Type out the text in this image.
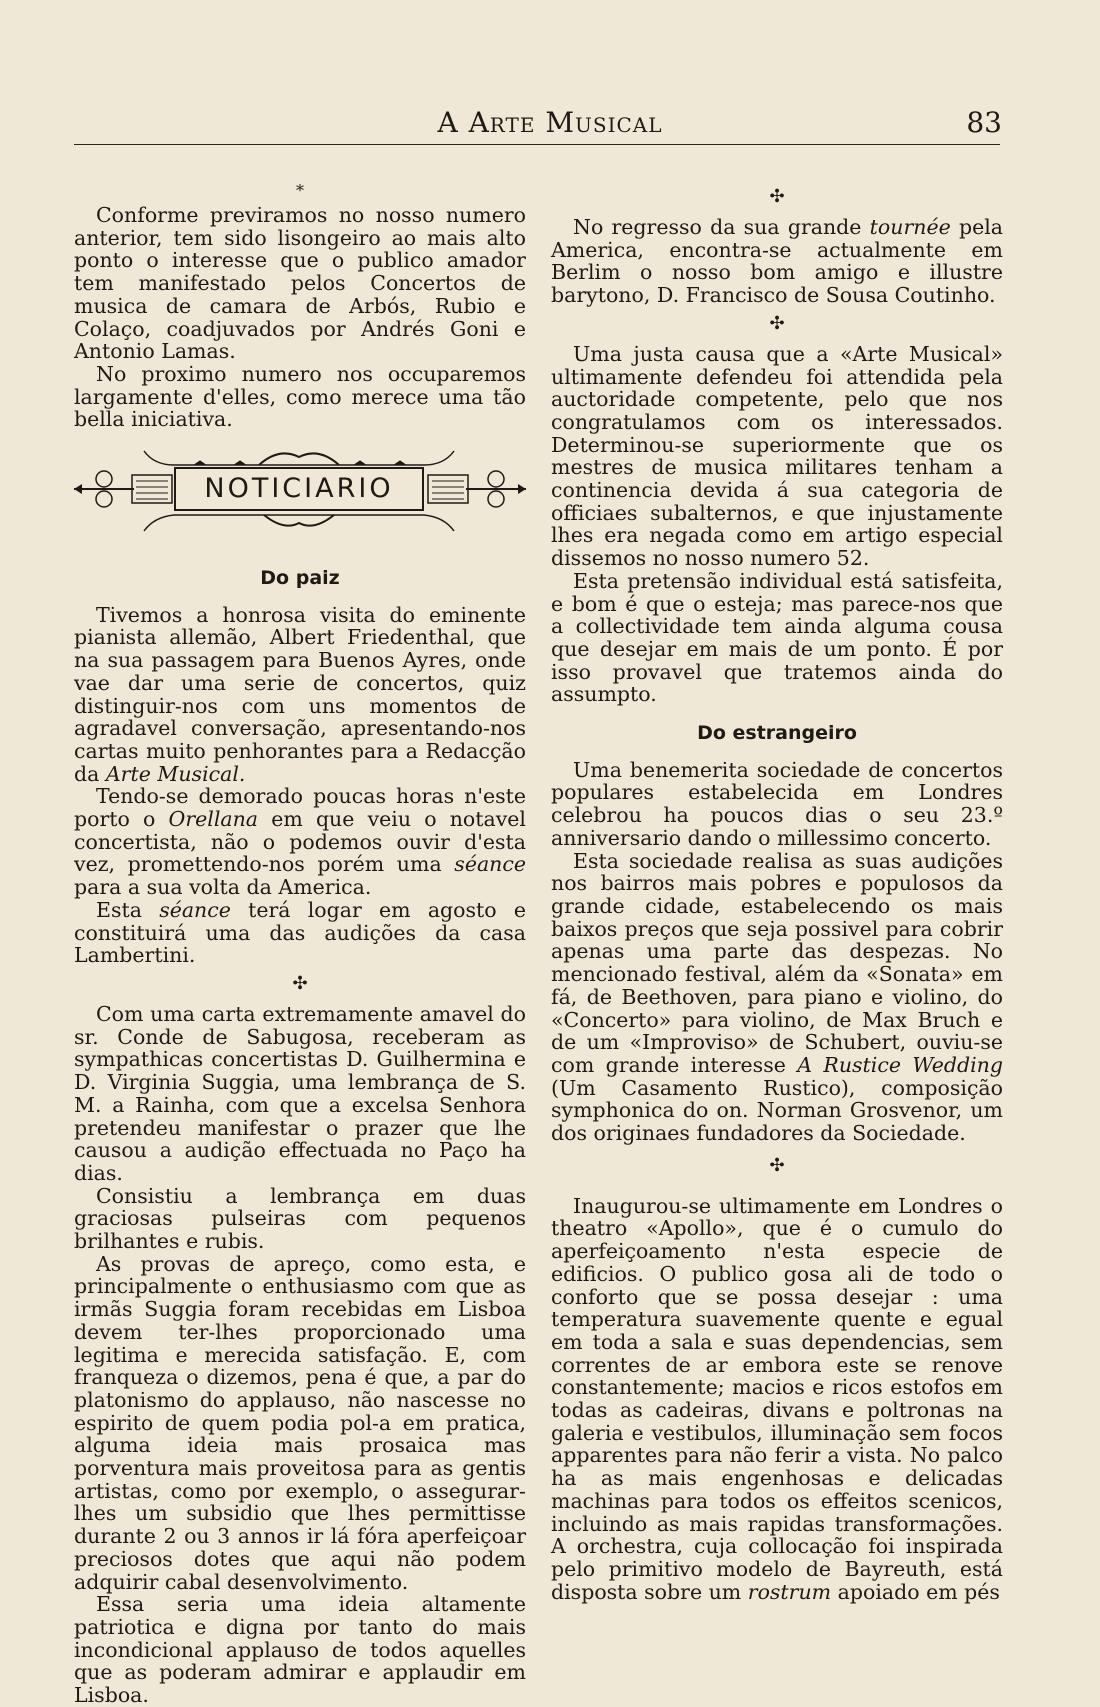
A Arte Musical	83
*

Conforme previramos no nosso numero anterior, tem sido lisongeiro ao mais alto ponto o interesse que o publico amador tem manifestado pelos Concertos de musica de camara de Arbós, Rubio e Colaço, coadjuvados por Andrés Goni e Antonio Lamas.

No proximo numero nos occuparemos largamente d'elles, como merece uma tão bella iniciativa.

NOTICIARIO
Do paiz

Tivemos a honrosa visita do eminente pianista allemão, Albert Friedenthal, que na sua passagem para Buenos Ayres, onde vae dar uma serie de concertos, quiz distinguir-nos com uns momentos de agradavel conversação, apresentando-nos cartas muito penhorantes para a Redacção da Arte Musical.

Tendo-se demorado poucas horas n'este porto o Orellana em que veiu o notavel concertista, não o podemos ouvir d'esta vez, promettendo-nos porém uma séance para a sua volta da America.

Esta séance terá logar em agosto e constituirá uma das audições da casa Lambertini.

✣

Com uma carta extremamente amavel do sr. Conde de Sabugosa, receberam as sympathicas concertistas D. Guilhermina e D. Virginia Suggia, uma lembrança de S. M. a Rainha, com que a excelsa Senhora pretendeu manifestar o prazer que lhe causou a audição effectuada no Paço ha dias.

Consistiu a lembrança em duas graciosas pulseiras com pequenos brilhantes e rubis.

As provas de apreço, como esta, e principalmente o enthusiasmo com que as irmãs Suggia foram recebidas em Lisboa devem ter-lhes proporcionado uma legitima e merecida satisfação. E, com franqueza o dizemos, pena é que, a par do platonismo do applauso, não nascesse no espirito de quem podia pol-a em pratica, alguma ideia mais prosaica mas porventura mais proveitosa para as gentis artistas, como por exemplo, o assegurar-lhes um subsidio que lhes permittisse durante 2 ou 3 annos ir lá fóra aperfeiçoar preciosos dotes que aqui não podem adquirir cabal desenvolvimento.

Essa seria uma ideia altamente patriotica e digna por tanto do mais incondicional applauso de todos aquelles que as poderam admirar e applaudir em Lisboa.

✣

No regresso da sua grande tournée pela America, encontra-se actualmente em Berlim o nosso bom amigo e illustre barytono, D. Francisco de Sousa Coutinho.

✣

Uma justa causa que a «Arte Musical» ultimamente defendeu foi attendida pela auctoridade competente, pelo que nos congratulamos com os interessados. Determinou-se superiormente que os mestres de musica militares tenham a continencia devida á sua categoria de officiaes subalternos, e que injustamente lhes era negada como em artigo especial dissemos no nosso numero 52.

Esta pretensão individual está satisfeita, e bom é que o esteja; mas parece-nos que a collectividade tem ainda alguma cousa que desejar em mais de um ponto. É por isso provavel que tratemos ainda do assumpto.

Do estrangeiro

Uma benemerita sociedade de concertos populares estabelecida em Londres celebrou ha poucos dias o seu 23.º anniversario dando o millessimo concerto.

Esta sociedade realisa as suas audições nos bairros mais pobres e populosos da grande cidade, estabelecendo os mais baixos preços que seja possivel para cobrir apenas uma parte das despezas. No mencionado festival, além da «Sonata» em fá, de Beethoven, para piano e violino, do «Concerto» para violino, de Max Bruch e de um «Improviso» de Schubert, ouviu-se com grande interesse A Rustice Wedding (Um Casamento Rustico), composição symphonica do on. Norman Grosvenor, um dos originaes fundadores da Sociedade.

✣

Inaugurou-se ultimamente em Londres o theatro «Apollo», que é o cumulo do aperfeiçoamento n'esta especie de edificios. O publico gosa ali de todo o conforto que se possa desejar : uma temperatura suavemente quente e egual em toda a sala e suas dependencias, sem correntes de ar embora este se renove constantemente; macios e ricos estofos em todas as cadeiras, divans e poltronas na galeria e vestibulos, illuminação sem focos apparentes para não ferir a vista. No palco ha as mais engenhosas e delicadas machinas para todos os effeitos scenicos, incluindo as mais rapidas transformações. A orchestra, cuja collocação foi inspirada pelo primitivo modelo de Bayreuth, está disposta sobre um rostrum apoiado em pés
